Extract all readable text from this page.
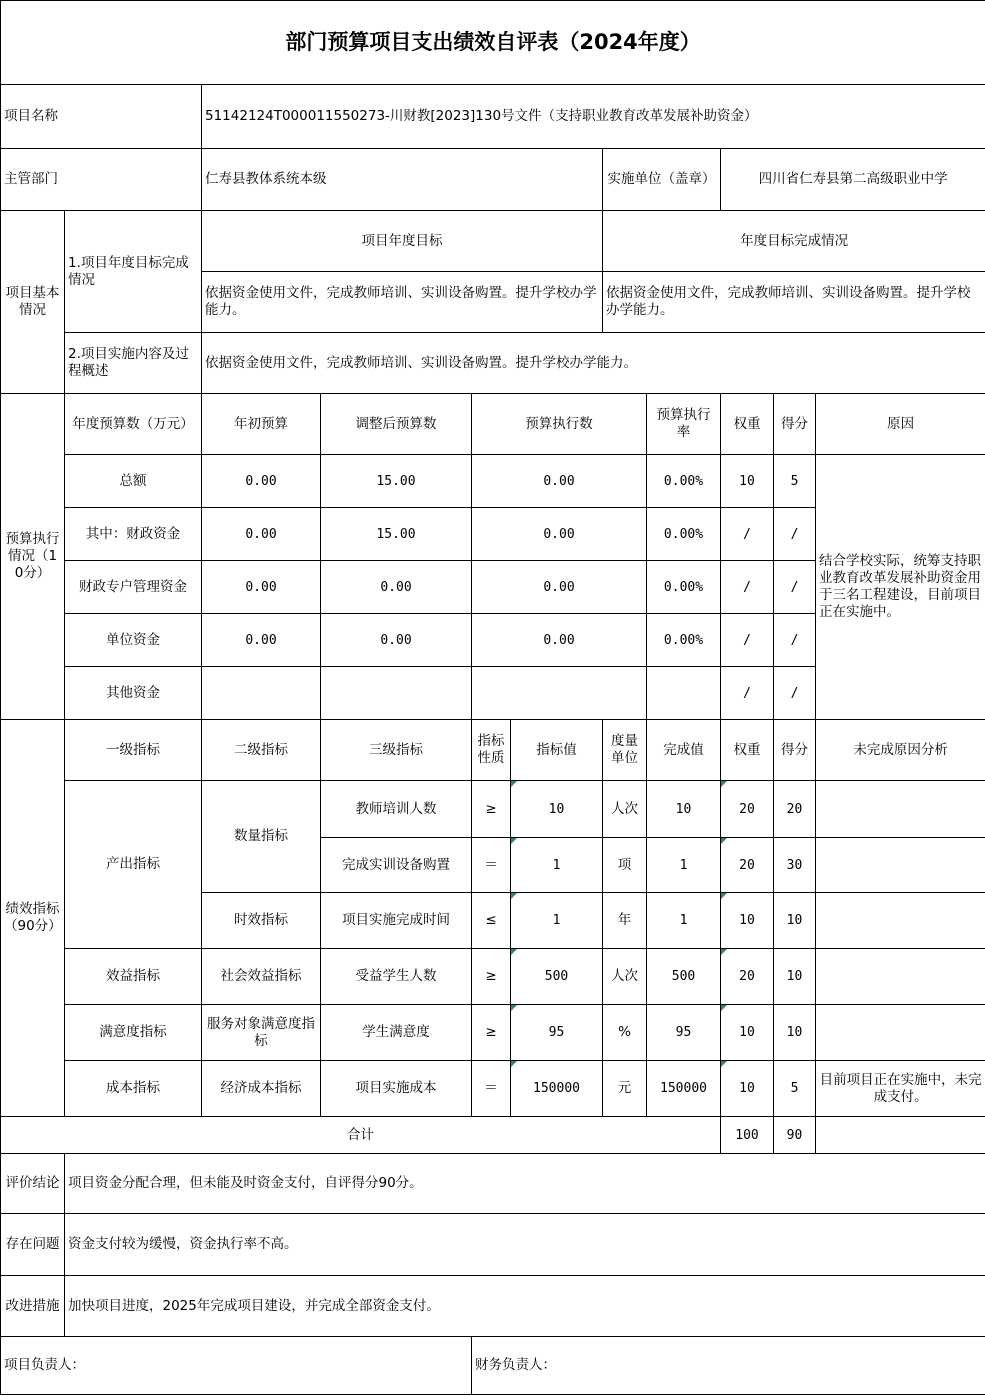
部门预算项目支出绩效自评表（2024年度）										
项目名称		51142124T000011550273-川财教[2023]130号文件（支持职业教育改革发展补助资金）								
主管部门		仁寿县教体系统本级				实施单位（盖章）		四川省仁寿县第二高级职业中学		
项目基本情况	1.项目年度目标完成情况	项目年度目标				年度目标完成情况				
		依据资金使用文件，完成教师培训、实训设备购置。提升学校办学能力。				依据资金使用文件，完成教师培训、实训设备购置。提升学校办学能力。				
	2.项目实施内容及过程概述	依据资金使用文件，完成教师培训、实训设备购置。提升学校办学能力。								
预算执行情况（10分）	年度预算数（万元）	年初预算	调整后预算数	预算执行数			预算执行率	权重	得分	原因
	总额	0.00	15.00	0.00			0.00%	10	5	结合学校实际，统筹支持职业教育改革发展补助资金用于三名工程建设，目前项目正在实施中。
	其中：财政资金	0.00	15.00	0.00			0.00%	/	/	
	财政专户管理资金	0.00	0.00	0.00			0.00%	/	/	
	单位资金	0.00	0.00	0.00			0.00%	/	/	
	其他资金							/	/	
绩效指标（90分）	一级指标	二级指标	三级指标	指标性质	指标值	度量单位	完成值	权重	得分	未完成原因分析
	产出指标	数量指标	教师培训人数	≥	10	人次	10	20	20	
			完成实训设备购置	＝	1	项	1	20	30	
		时效指标	项目实施完成时间	≤	1	年	1	10	10	
	效益指标	社会效益指标	受益学生人数	≥	500	人次	500	20	10	
	满意度指标	服务对象满意度指标	学生满意度	≥	95	%	95	10	10	
	成本指标	经济成本指标	项目实施成本	＝	150000	元	150000	10	5	目前项目正在实施中，未完成支付。
合计								100	90	
评价结论	项目资金分配合理，但未能及时资金支付，自评得分90分。									
存在问题	资金支付较为缓慢，资金执行率不高。									
改进措施	加快项目进度，2025年完成项目建设，并完成全部资金支付。									
项目负责人：				财务负责人：						
